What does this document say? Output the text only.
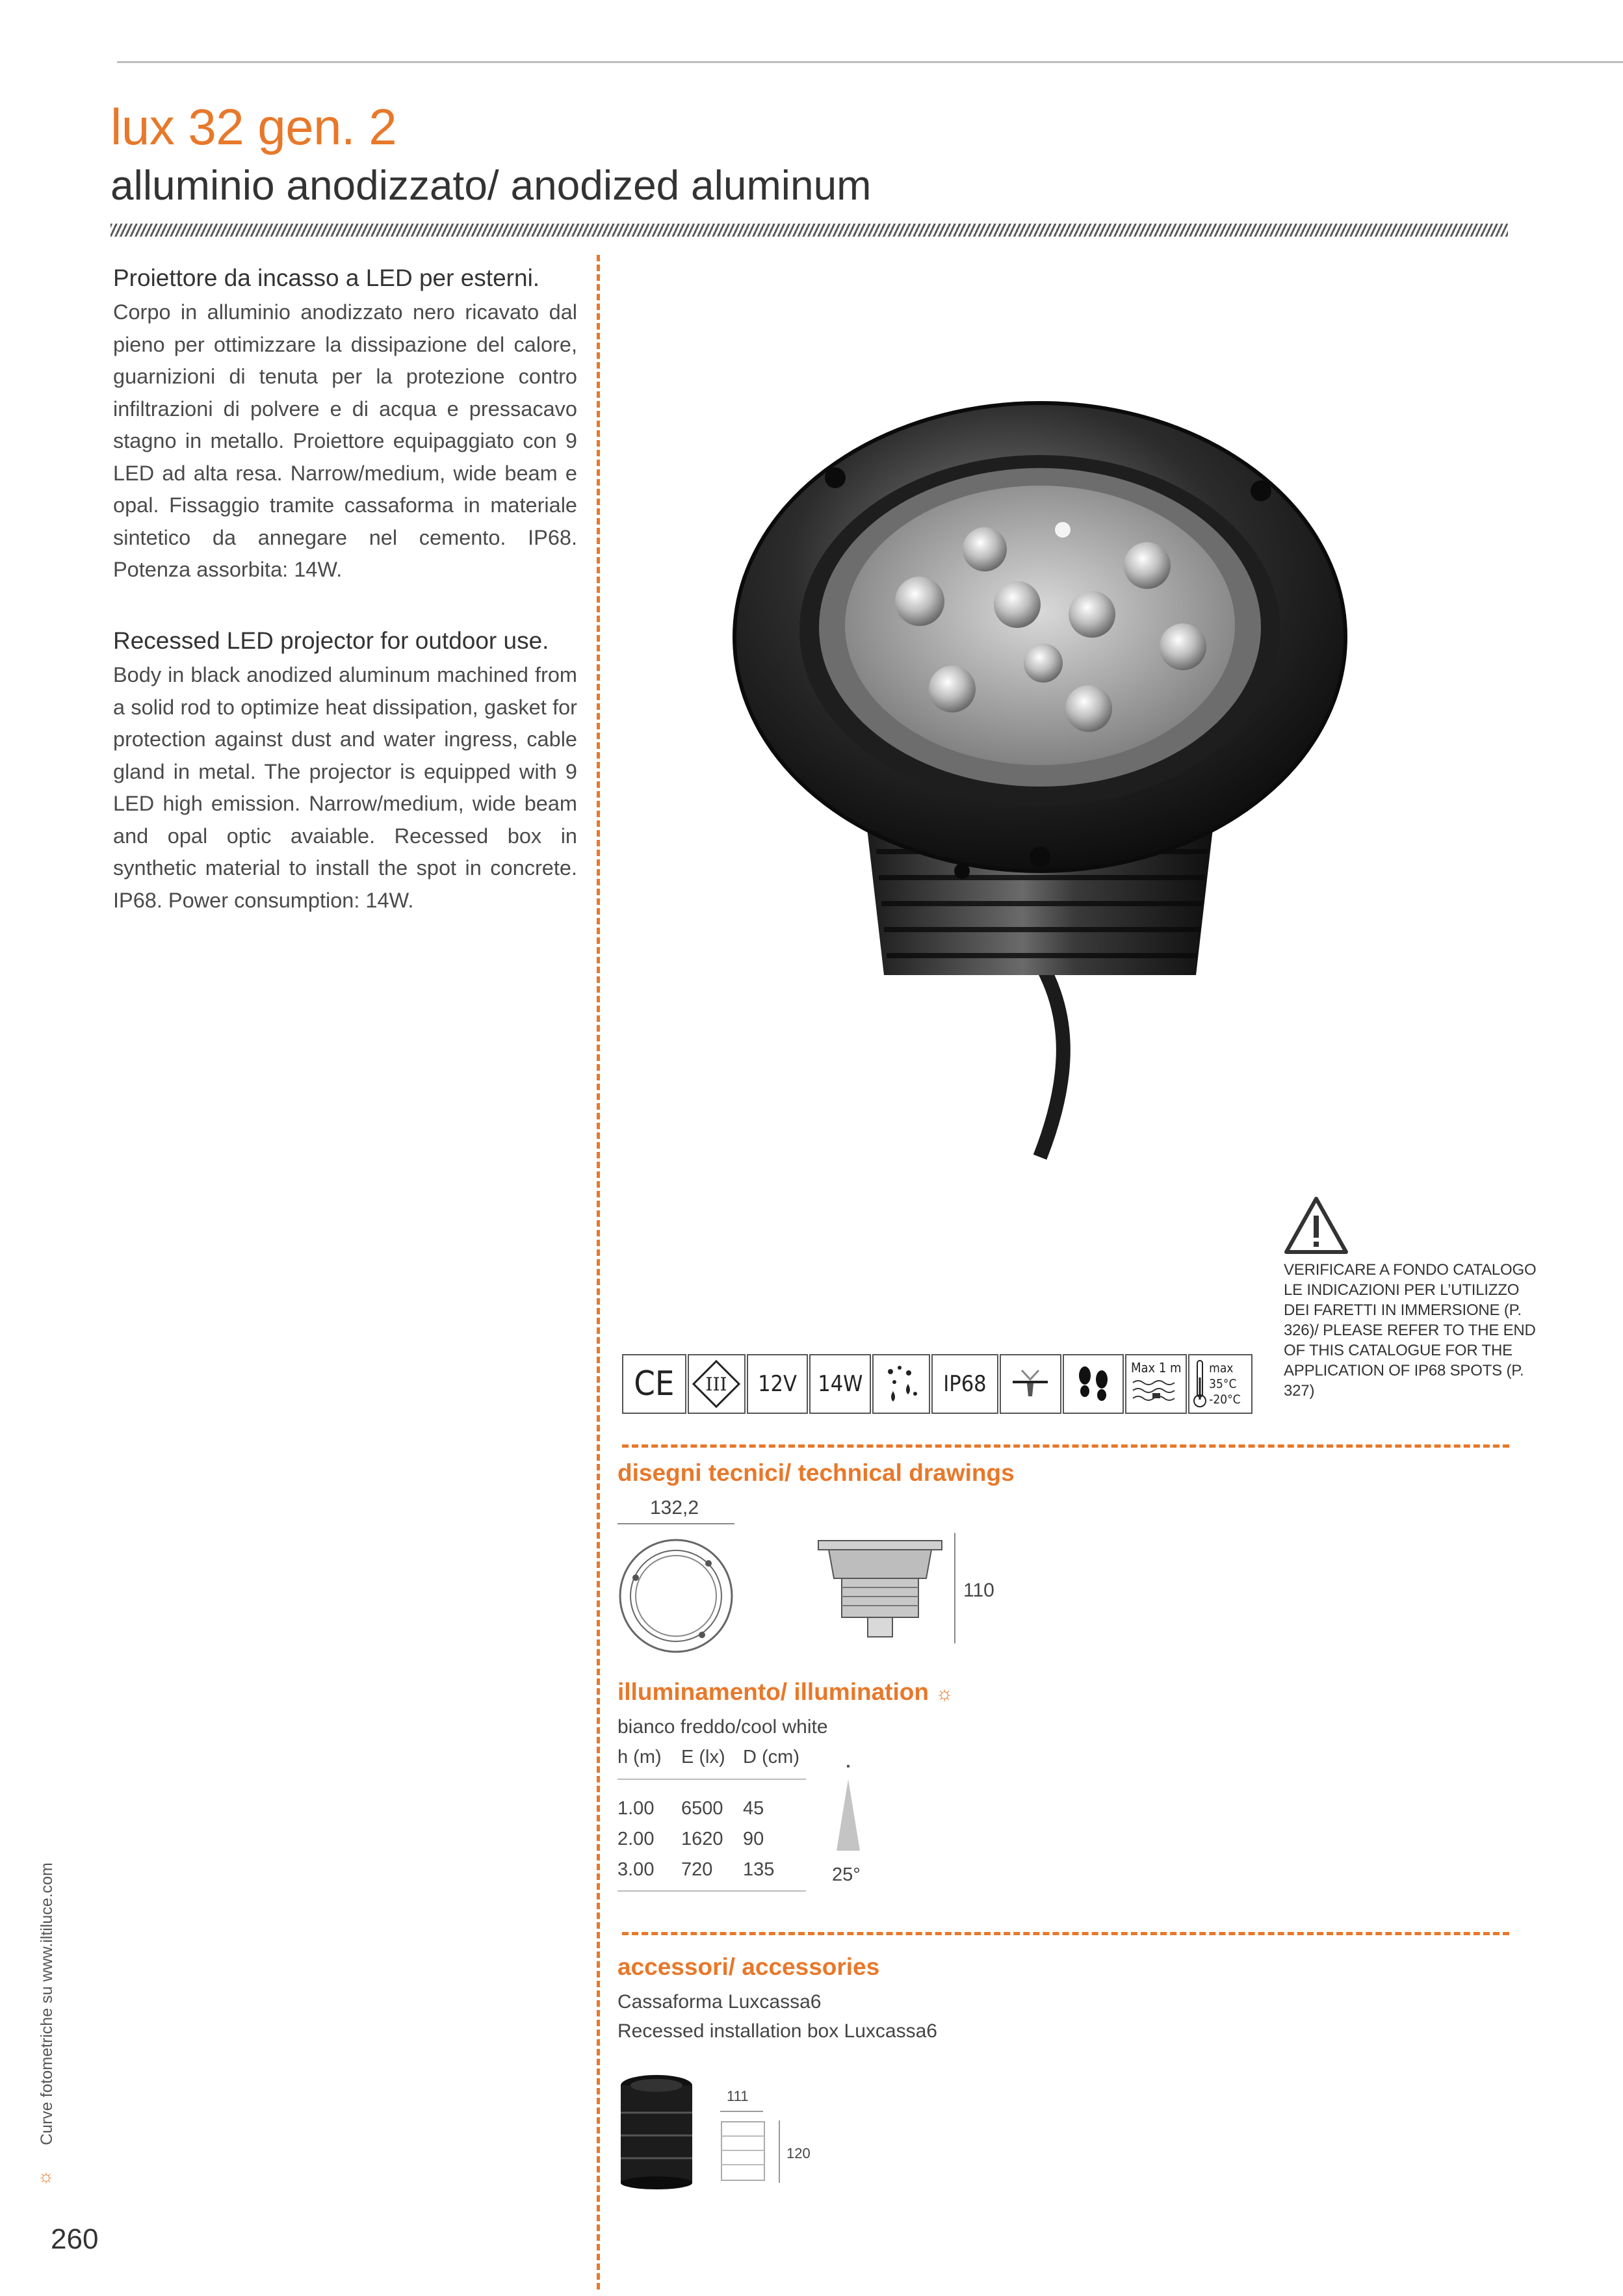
lux 32 gen. 2
alluminio anodizzato/ anodized aluminum
Proiettore da incasso a LED per esterni.
Corpo in alluminio anodizzato nero ricavato dal pieno per ottimizzare la dissipazione del calore, guarnizioni di tenuta per la protezione contro infiltrazioni di polvere e di acqua e pressacavo stagno in metallo. Proiettore equipaggiato con 9 LED ad alta resa. Narrow/medium, wide beam e opal. Fissaggio tramite cassaforma in materiale sintetico da annegare nel cemento. IP68. Potenza assorbita: 14W.
Recessed LED projector for outdoor use.
Body in black anodized aluminum machined from a solid rod to optimize heat dissipation, gasket for protection against dust and water ingress, cable gland in metal. The projector is equipped with 9 LED high emission. Narrow/medium, wide beam and opal optic avaiable. Recessed box in synthetic material to install the spot in concrete. IP68. Power consumption: 14W.
VERIFICARE A FONDO CATALOGO LE INDICAZIONI PER L’UTILIZZO DEI FARETTI IN IMMERSIONE (P. 326)/ PLEASE REFER TO THE END OF THIS CATALOGUE FOR THE APPLICATION OF IP68 SPOTS (P. 327)
CE	III	12V 14W	IP68
Max 1 m max
35°C
-20°C
disegni tecnici/ technical drawings
132,2
110
illuminamento/ illumination ☼
bianco freddo/cool white
h (m) E (lx) D (cm)
1.00 6500 45
2.00 1620 90
3.00 720 135	25°
accessori/ accessories
Cassaforma Luxcassa6
Recessed installation box Luxcassa6
111
120
☼
Curve fotometriche su www.iltiluce.com
260
